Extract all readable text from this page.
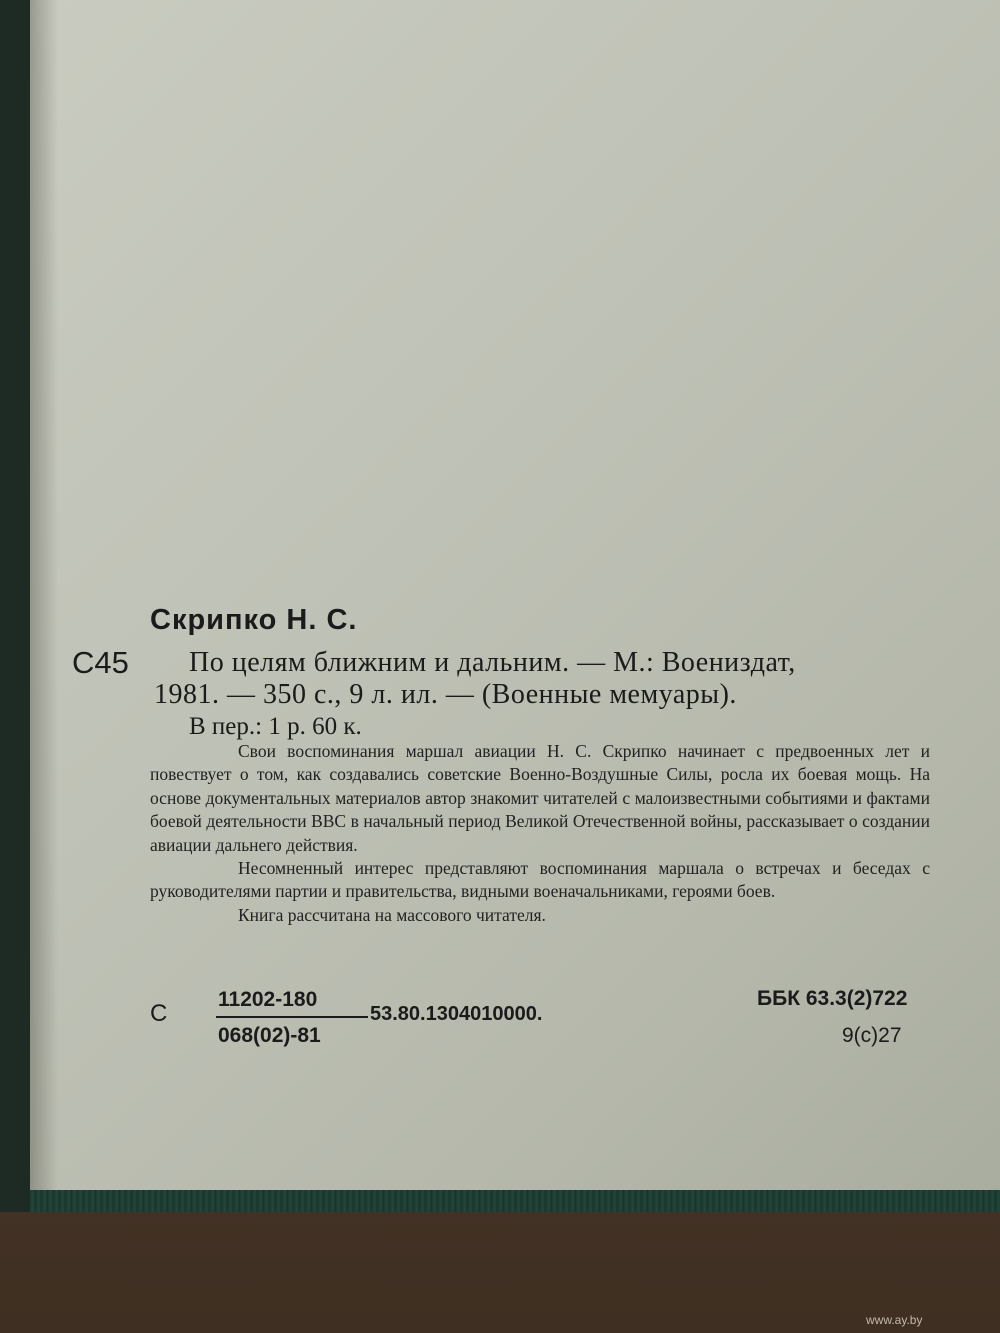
Скрипко Н. С.
С45 По целям ближним и дальним. — М.: Воениздат,
1981. — 350 с., 9 л. ил. — (Военные мемуары).
В пер.: 1 р. 60 к.

Свои воспоминания маршал авиации Н. С. Скрипко начинает с предвоенных лет и повествует о том, как создавались советские Военно-Воздушные Силы, росла их боевая мощь. На основе документальных материалов автор знакомит читателей с малоизвестными событиями и фактами боевой деятельности ВВС в начальный период Великой Отечественной войны, рассказывает о создании авиации дальнего действия.

Несомненный интерес представляют воспоминания маршала о встречах и беседах с руководителями партии и правительства, видными военачальниками, героями боев.

Книга рассчитана на массового читателя.

С
11202-180
068(02)-81
53.80.1304010000.
ББК 63.3(2)722
9(с)27
www.ay.by
